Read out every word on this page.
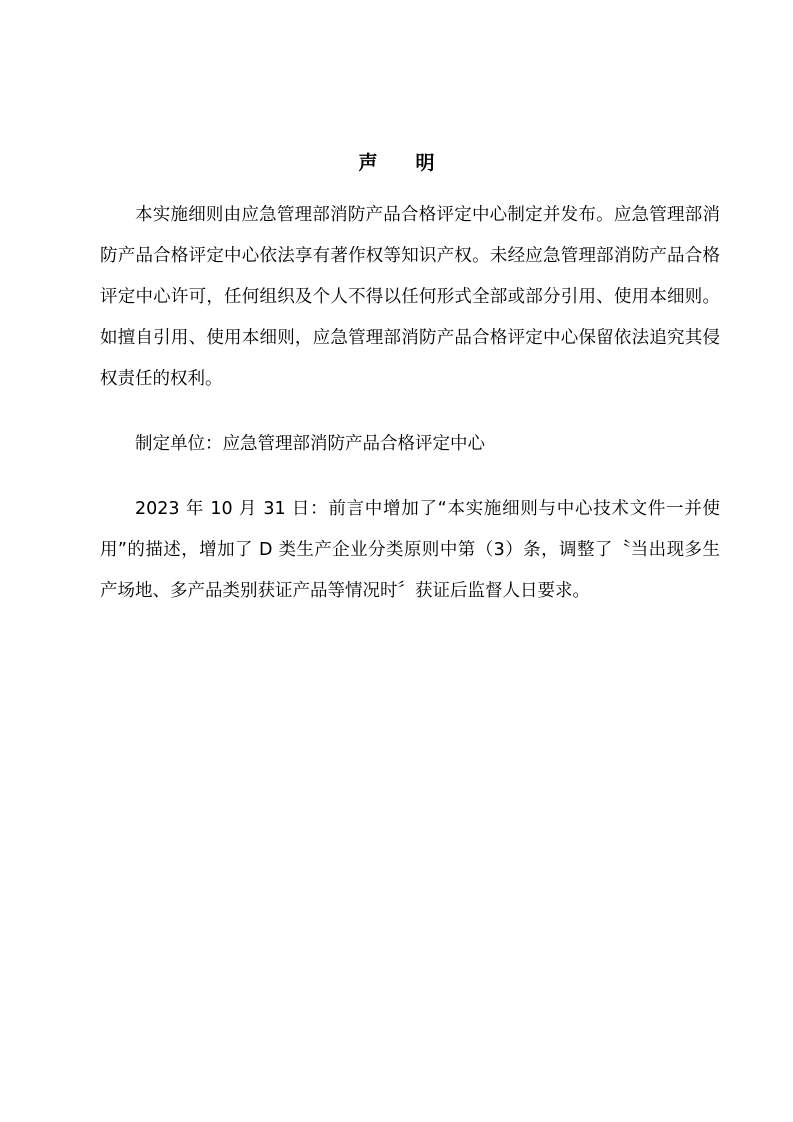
声 明

本实施细则由应急管理部消防产品合格评定中心制定并发布。应急管理部消防产品合格评定中心依法享有著作权等知识产权。未经应急管理部消防产品合格评定中心许可，任何组织及个人不得以任何形式全部或部分引用、使用本细则。如擅自引用、使用本细则，应急管理部消防产品合格评定中心保留依法追究其侵权责任的权利。

制定单位：应急管理部消防产品合格评定中心

2023 年 10 月 31 日：前言中增加了“本实施细则与中心技术文件一并使用”的描述，增加了 D 类生产企业分类原则中第（3）条，调整了〝当出现多生产场地、多产品类别获证产品等情况时〞获证后监督人日要求。
